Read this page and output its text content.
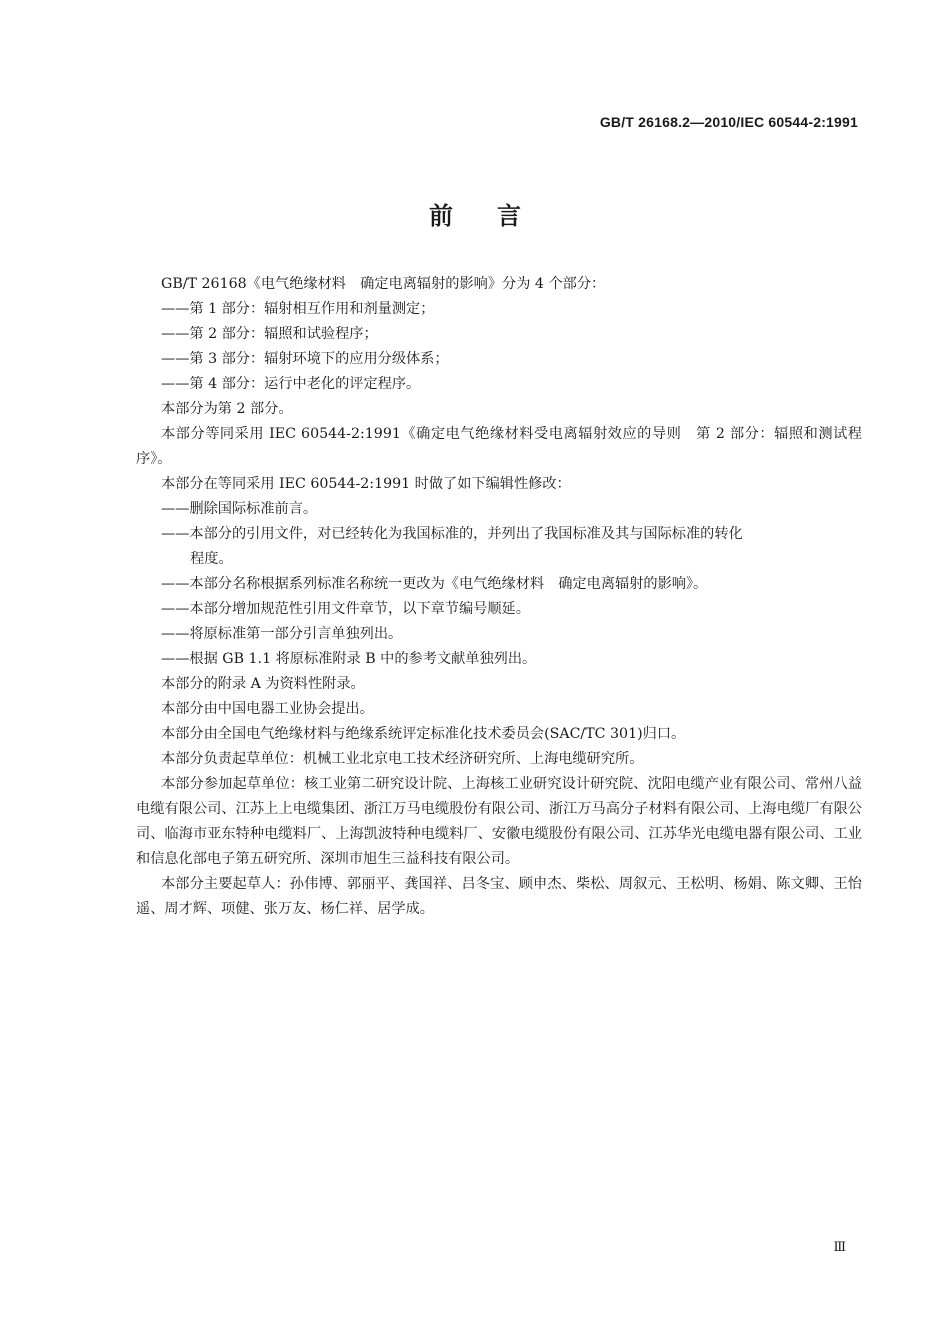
GB/T 26168.2—2010/IEC 60544-2:1991
前言

GB/T 26168《电气绝缘材料　确定电离辐射的影响》分为 4 个部分：

——第 1 部分：辐射相互作用和剂量测定；

——第 2 部分：辐照和试验程序；

——第 3 部分：辐射环境下的应用分级体系；

——第 4 部分：运行中老化的评定程序。

本部分为第 2 部分。

本部分等同采用 IEC 60544-2:1991《确定电气绝缘材料受电离辐射效应的导则　第 2 部分：辐照和测试程序》。

本部分在等同采用 IEC 60544-2:1991 时做了如下编辑性修改：

——删除国际标准前言。

——本部分的引用文件，对已经转化为我国标准的，并列出了我国标准及其与国际标准的转化
程度。

——本部分名称根据系列标准名称统一更改为《电气绝缘材料　确定电离辐射的影响》。

——本部分增加规范性引用文件章节，以下章节编号顺延。

——将原标准第一部分引言单独列出。

——根据 GB 1.1 将原标准附录 B 中的参考文献单独列出。

本部分的附录 A 为资料性附录。

本部分由中国电器工业协会提出。

本部分由全国电气绝缘材料与绝缘系统评定标准化技术委员会(SAC/TC 301)归口。

本部分负责起草单位：机械工业北京电工技术经济研究所、上海电缆研究所。

本部分参加起草单位：核工业第二研究设计院、上海核工业研究设计研究院、沈阳电缆产业有限公司、常州八益电缆有限公司、江苏上上电缆集团、浙江万马电缆股份有限公司、浙江万马高分子材料有限公司、上海电缆厂有限公司、临海市亚东特种电缆料厂、上海凯波特种电缆料厂、安徽电缆股份有限公司、江苏华光电缆电器有限公司、工业和信息化部电子第五研究所、深圳市旭生三益科技有限公司。

本部分主要起草人：孙伟博、郭丽平、龚国祥、吕冬宝、顾申杰、柴松、周叙元、王松明、杨娟、陈文卿、王怡遥、周才辉、项健、张万友、杨仁祥、居学成。

Ⅲ
